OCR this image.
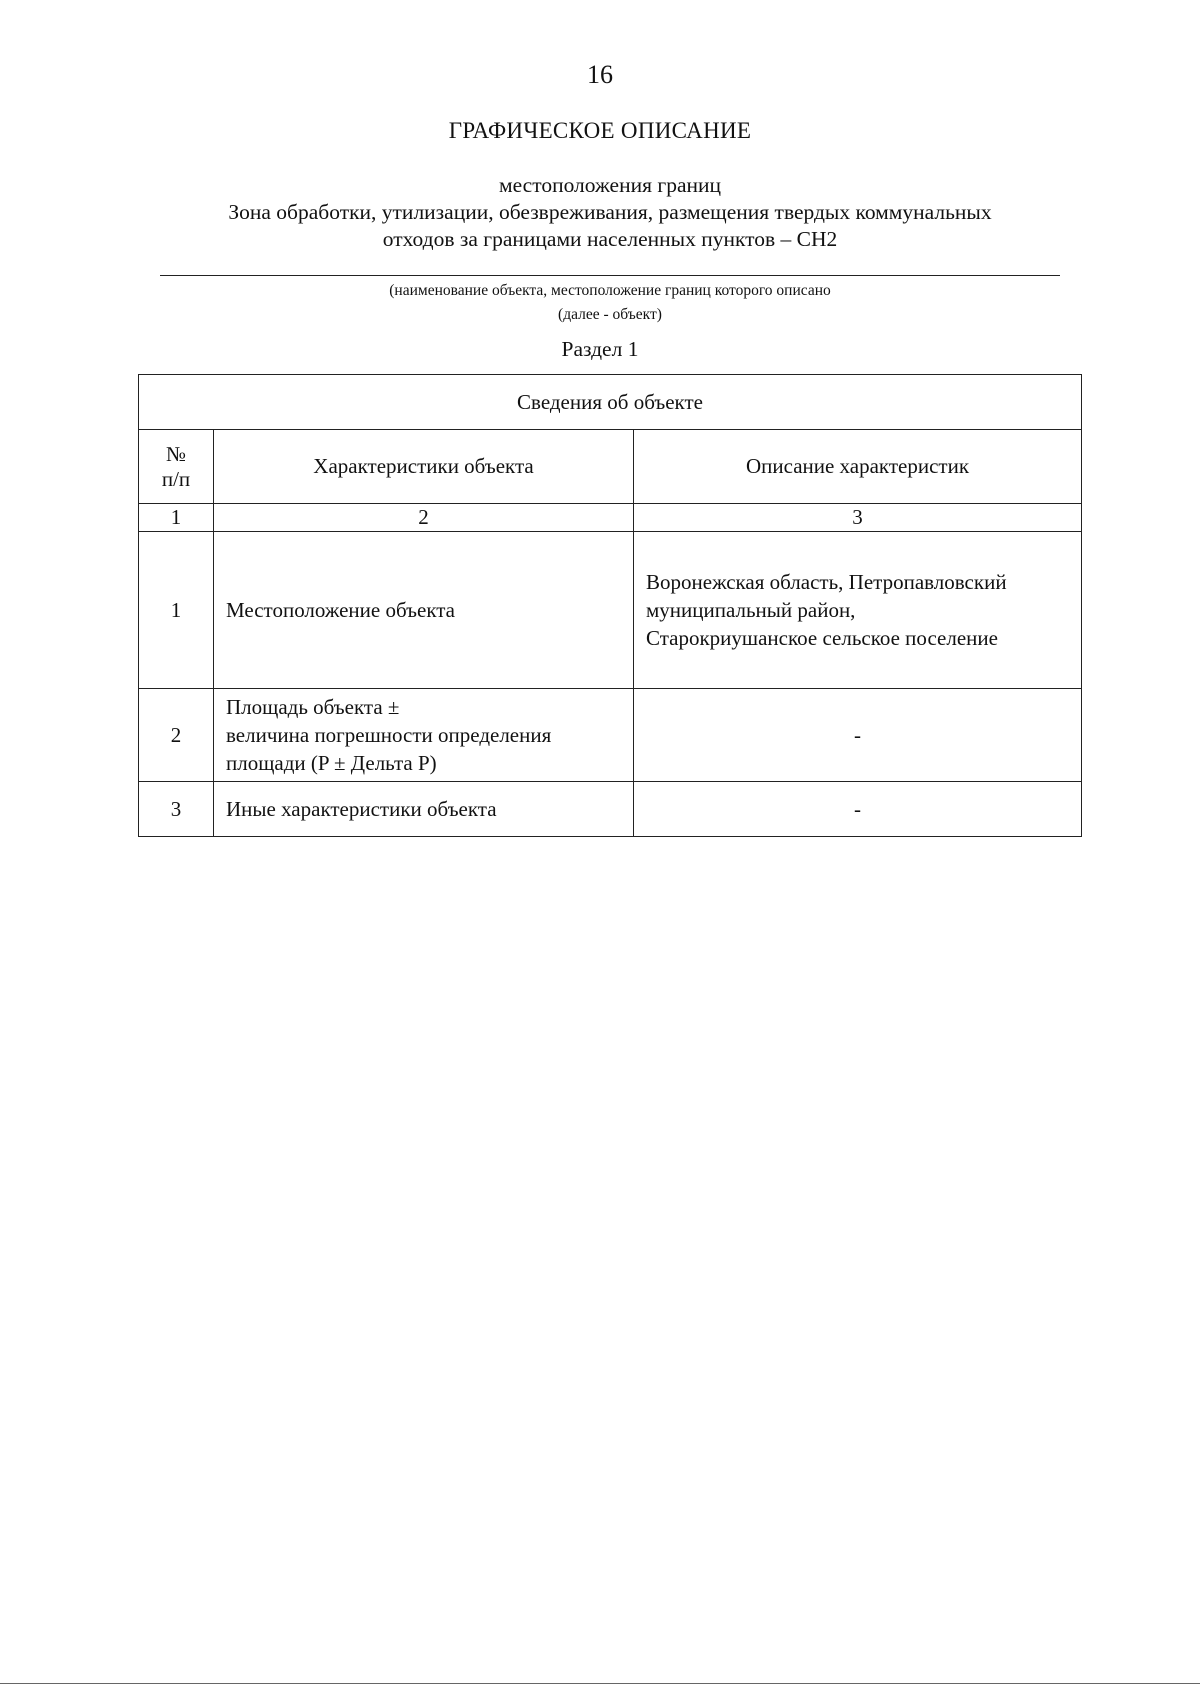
16
ГРАФИЧЕСКОЕ ОПИСАНИЕ
местоположения границ
Зона обработки, утилизации, обезвреживания, размещения твердых коммунальных
отходов за границами населенных пунктов – СН2
(наименование объекта, местоположение границ которого описано
(далее - объект)
Раздел 1
Сведения об объекте		

№
п/п	Характеристики объекта	Описание характеристик
1	2	3
1	Местоположение объекта	Воронежская область, Петропавловский
муниципальный район,
Старокриушанское сельское поселение

2	Площадь объекта ±
величина погрешности определения
площади (P ± Дельта P)	-
3	Иные характеристики объекта	-
